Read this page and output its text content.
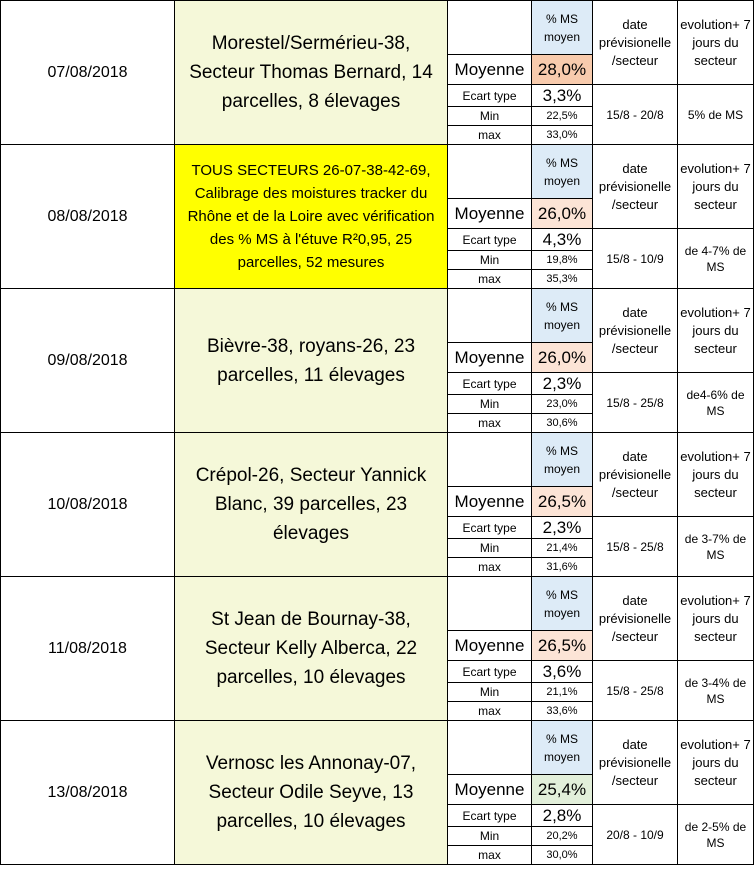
07/08/2018	Morestel/Sermérieu-38, Secteur Thomas Bernard, 14 parcelles, 8 élevages		% MS moyen	date prévisionelle /secteur	evolution+ 7 jours du secteur
		Moyenne	28,0%		
		Ecart type	3,3%	15/8 - 20/8	5% de MS
		Min	22,5%		
		max	33,0%		
08/08/2018	TOUS SECTEURS 26-07-38-42-69, Calibrage des moistures tracker du Rhône et de la Loire avec vérification des % MS à l'étuve R²0,95, 25 parcelles, 52 mesures		% MS moyen	date prévisionelle /secteur	evolution+ 7 jours du secteur
		Moyenne	26,0%		
		Ecart type	4,3%	15/8 - 10/9	de 4-7% de MS
		Min	19,8%		
		max	35,3%		
09/08/2018	Bièvre-38, royans-26, 23 parcelles, 11 élevages		% MS moyen	date prévisionelle /secteur	evolution+ 7 jours du secteur
		Moyenne	26,0%		
		Ecart type	2,3%	15/8 - 25/8	de4-6% de MS
		Min	23,0%		
		max	30,6%		
10/08/2018	Crépol-26, Secteur Yannick Blanc, 39 parcelles, 23 élevages		% MS moyen	date prévisionelle /secteur	evolution+ 7 jours du secteur
		Moyenne	26,5%		
		Ecart type	2,3%	15/8 - 25/8	de 3-7% de MS
		Min	21,4%		
		max	31,6%		
11/08/2018	St Jean de Bournay-38, Secteur Kelly Alberca, 22 parcelles, 10 élevages		% MS moyen	date prévisionelle /secteur	evolution+ 7 jours du secteur
		Moyenne	26,5%		
		Ecart type	3,6%	15/8 - 25/8	de 3-4% de MS
		Min	21,1%		
		max	33,6%		
13/08/2018	Vernosc les Annonay-07, Secteur Odile Seyve, 13 parcelles, 10 élevages		% MS moyen	date prévisionelle /secteur	evolution+ 7 jours du secteur
		Moyenne	25,4%		
		Ecart type	2,8%	20/8 - 10/9	de 2-5% de MS
		Min	20,2%		
		max	30,0%		
